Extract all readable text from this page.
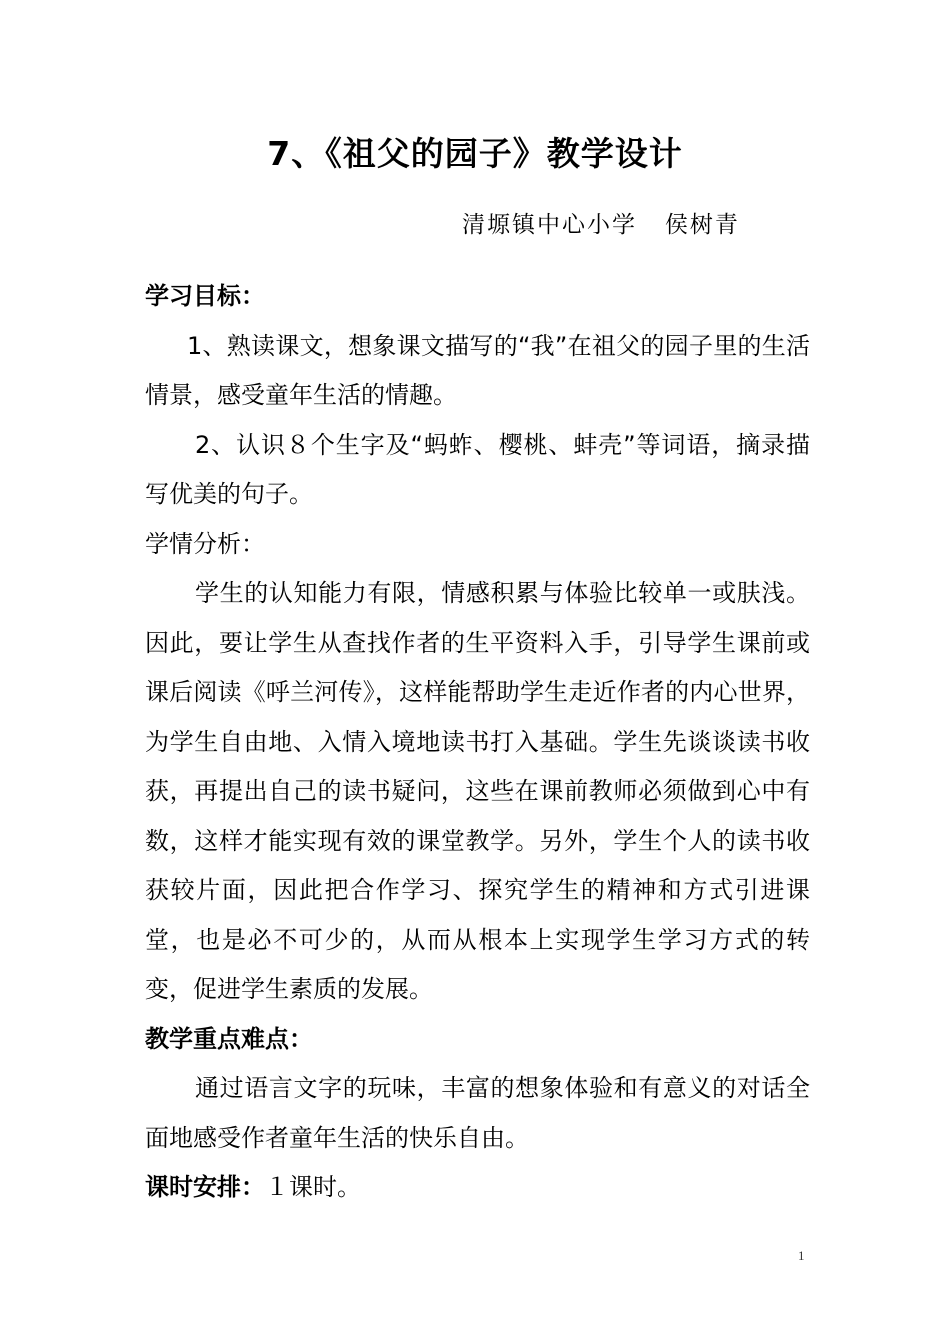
7、《祖父的园子》教学设计
清塬镇中心小学   侯树青

学习目标：

1、熟读课文，想象课文描写的“我”在祖父的园子里的生活情景，感受童年生活的情趣。

2、认识８个生字及“蚂蚱、樱桃、蚌壳”等词语，摘录描写优美的句子。

学情分析：

学生的认知能力有限，情感积累与体验比较单一或肤浅。因此，要让学生从查找作者的生平资料入手，引导学生课前或课后阅读《呼兰河传》，这样能帮助学生走近作者的内心世界，为学生自由地、入情入境地读书打入基础。学生先谈谈读书收获，再提出自己的读书疑问，这些在课前教师必须做到心中有数，这样才能实现有效的课堂教学。另外，学生个人的读书收获较片面，因此把合作学习、探究学生的精神和方式引进课堂，也是必不可少的，从而从根本上实现学生学习方式的转变，促进学生素质的发展。

教学重点难点：

通过语言文字的玩味，丰富的想象体验和有意义的对话全面地感受作者童年生活的快乐自由。

课时安排：１课时。

1
